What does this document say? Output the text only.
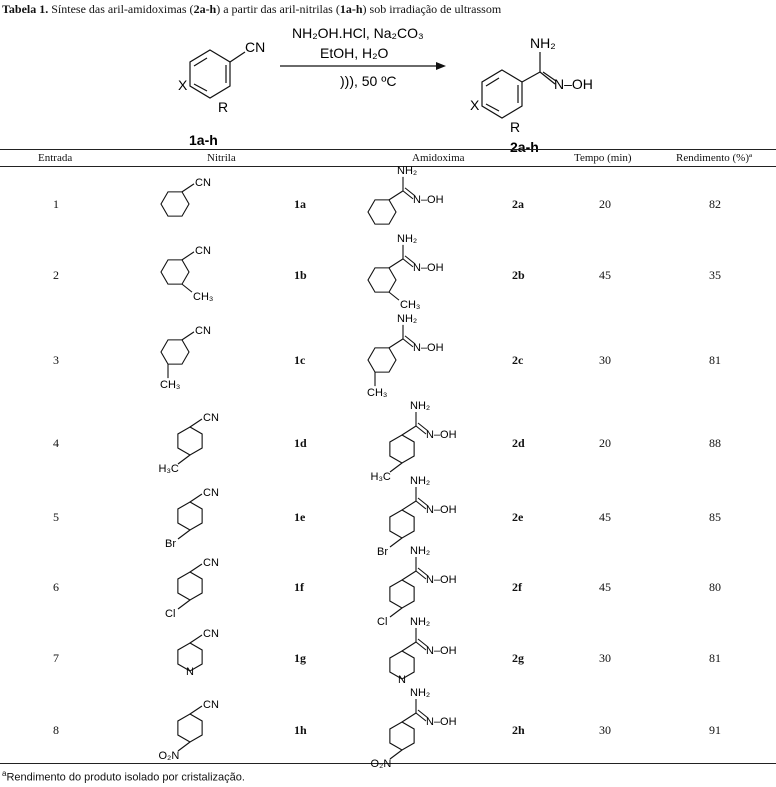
Tabela 1. Síntese das aril-amidoximas (2a-h) a partir das aril-nitrilas (1a-h) sob irradiação de ultrassom
CN
X
R
1a-h
NH₂OH.HCl, Na₂CO₃
EtOH, H₂O
))), 50 ºC
NH₂
N‒OH
X
R
2a-h
Entrada	Nitrila	Amidoxima	Tempo (min)	Rendimento (%)ª
CN
NH₂
N‒OH
CN
CH₃
NH₂
N‒OH
CH₃
CN
CH₃
NH₂
N‒OH
CH₃
CN
H₃C
NH₂
N‒OH
H₃C
CN
Br
NH₂
N‒OH
Br
CN
Cl
NH₂
N‒OH
Cl
CN
N
NH₂
N‒OH
N
CN
O₂N
NH₂
N‒OH
O₂N
1	1a	2a	20	82
2	1b	2b	45	35
3	1c	2c	30	81
4	1d	2d	20	88
5	1e	2e	45	85
6	1f	2f	45	80
7	1g	2g	30	81
8	1h	2h	30	91
$^a$Rendimento do produto isolado por cristalização.
